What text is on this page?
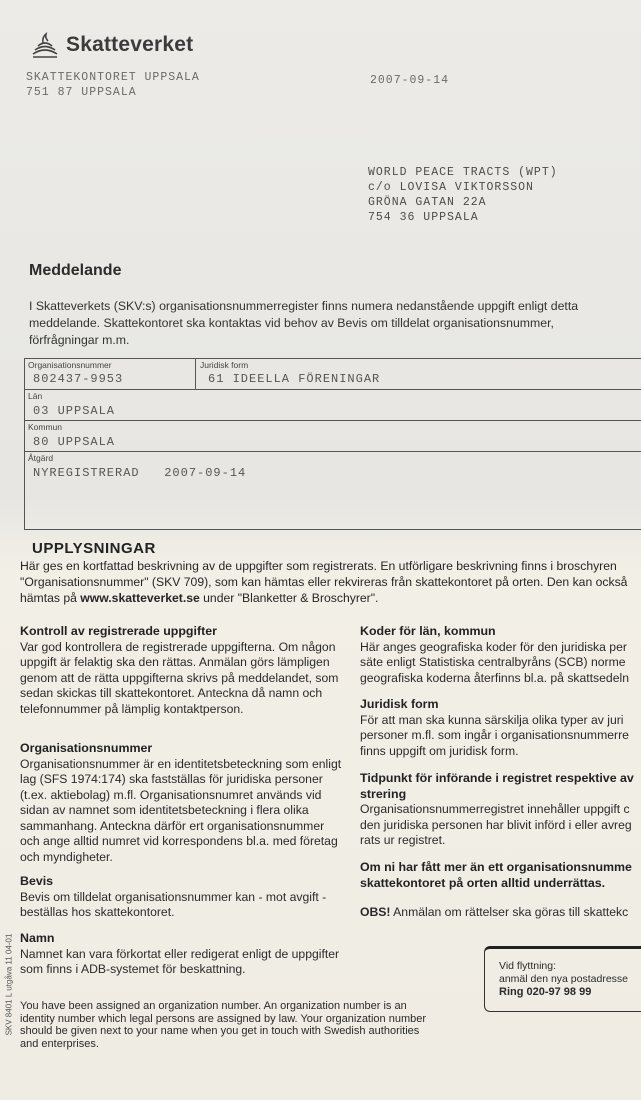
Skatteverket
SKATTEKONTORET UPPSALA
751 87 UPPSALA
2007-09-14
WORLD PEACE TRACTS (WPT)
c/o LOVISA VIKTORSSON
GRÖNA GATAN 22A
754 36 UPPSALA
Meddelande
I Skatteverkets (SKV:s) organisationsnummerregister finns numera nedanstående uppgift enligt detta meddelande. Skattekontoret ska kontaktas vid behov av Bevis om tilldelat organisationsnummer, förfrågningar m.m.
Organisationsnummer
802437-9953
Juridisk form
61 IDEELLA FÖRENINGAR
Län
03 UPPSALA
Kommun
80 UPPSALA
Åtgärd
NYREGISTRERAD   2007-09-14
UPPLYSNINGAR
Här ges en kortfattad beskrivning av de uppgifter som registrerats. En utförligare beskrivning finns i broschyren "Organisationsnummer" (SKV 709), som kan hämtas eller rekvireras från skattekontoret på orten. Den kan också hämtas på www.skatteverket.se under "Blanketter & Broschyrer".
Kontroll av registrerade uppgifter
Var god kontrollera de registrerade uppgifterna. Om någon uppgift är felaktig ska den rättas. Anmälan görs lämpligen genom att de rätta uppgifterna skrivs på meddelandet, som sedan skickas till skattekontoret. Anteckna då namn och telefonnummer på lämplig kontaktperson.
Organisationsnummer
Organisationsnummer är en identitetsbeteckning som enligt lag (SFS 1974:174) ska fastställas för juridiska personer (t.ex. aktiebolag) m.fl. Organisationsnumret används vid sidan av namnet som identitetsbeteckning i flera olika sammanhang. Anteckna därför ert organisationsnummer och ange alltid numret vid korrespondens bl.a. med företag och myndigheter.
Bevis
Bevis om tilldelat organisationsnummer kan - mot avgift - beställas hos skattekontoret.
Namn
Namnet kan vara förkortat eller redigerat enligt de uppgifter som finns i ADB-systemet för beskattning.
Koder för län, kommun
Här anges geografiska koder för den juridiska per
säte enligt Statistiska centralbyråns (SCB) norme
geografiska koderna återfinns bl.a. på skattsedeln
Juridisk form
För att man ska kunna särskilja olika typer av juri
personer m.fl. som ingår i organisationsnummerre
finns uppgift om juridisk form.
Tidpunkt för införande i registret respektive av
strering
Organisationsnummerregistret innehåller uppgift c
den juridiska personen har blivit införd i eller avreg
rats ur registret.
Om ni har fått mer än ett organisationsnumme
skattekontoret på orten alltid underrättas.
OBS! Anmälan om rättelser ska göras till skattekc
Vid flyttning:
anmäl den nya postadresse
Ring 020-97 98 99
SKV 8401 L utgåva 11 04-01 You have been assigned an organization number. An organization number is an identity number which legal persons are assigned by law. Your organization number should be given next to your name when you get in touch with Swedish authorities and enterprises.
